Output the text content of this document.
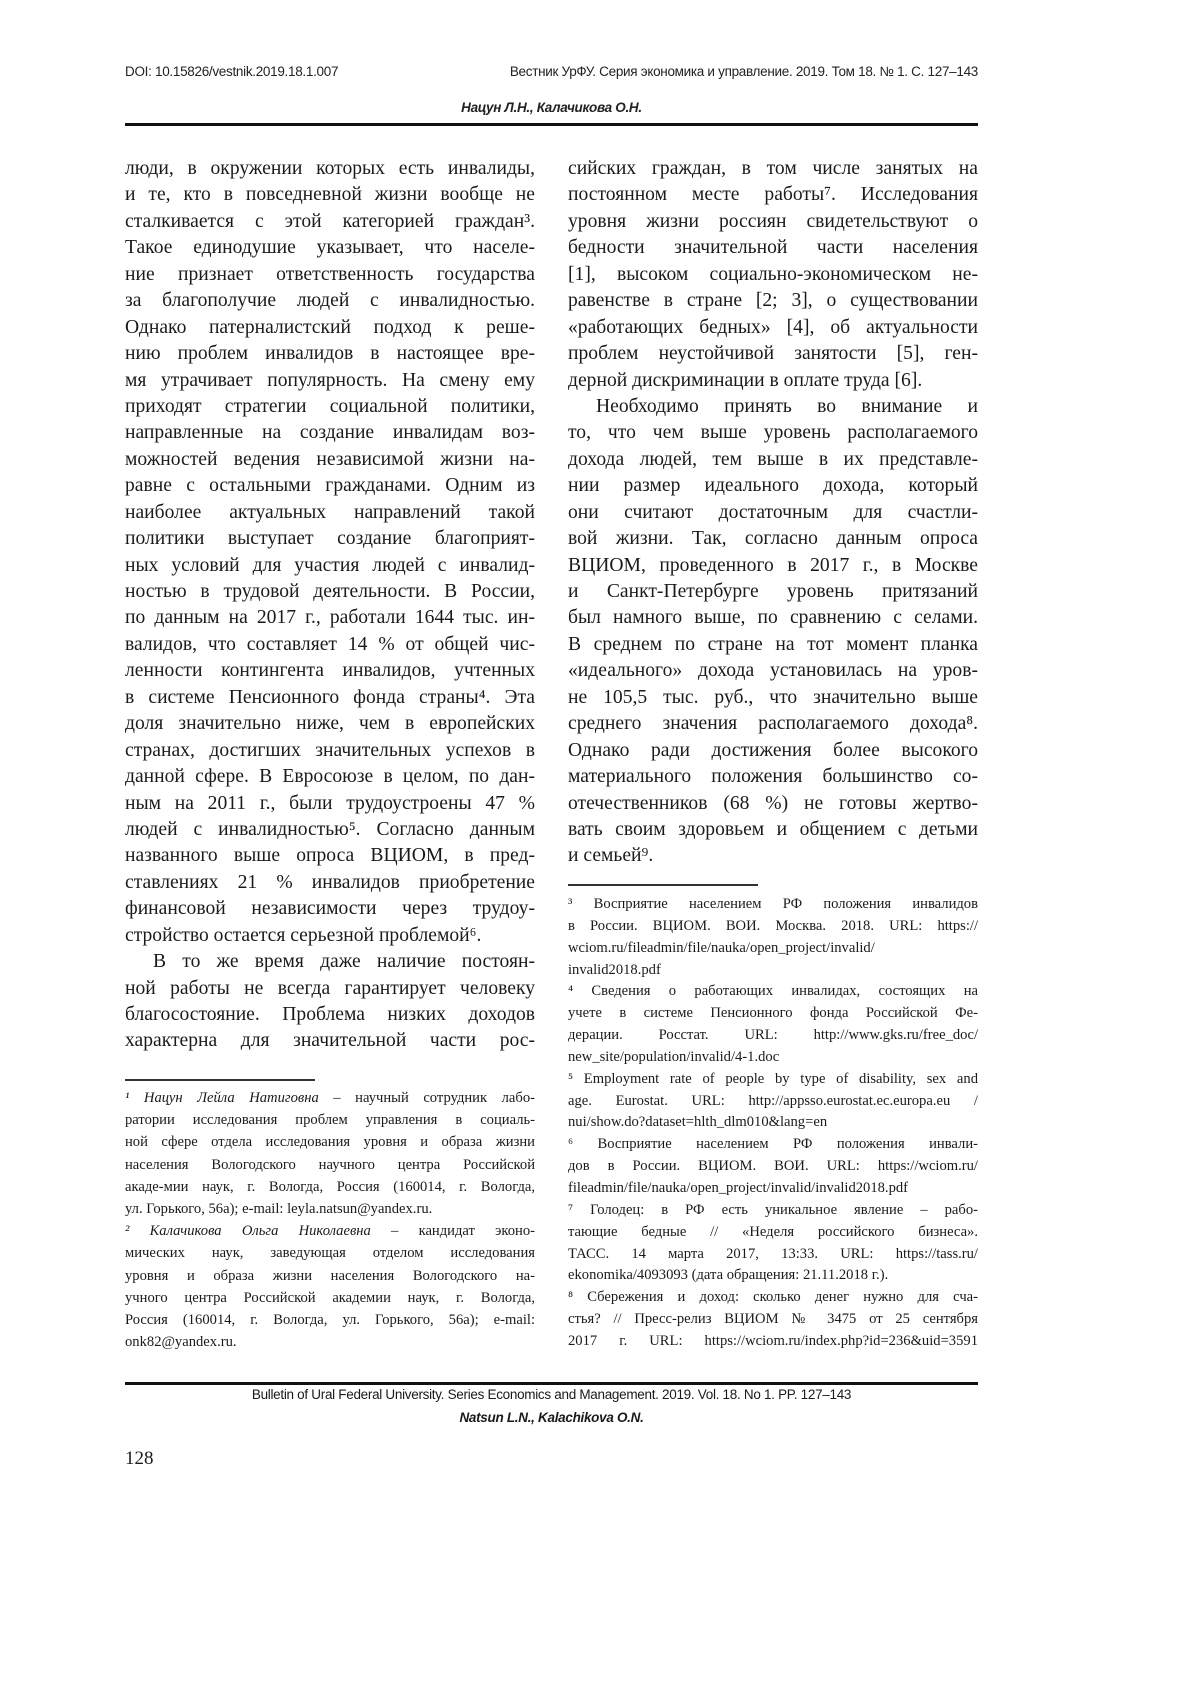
DOI: 10.15826/vestnik.2019.18.1.007	Вестник УрФУ. Серия экономика и управление. 2019. Том 18. № 1. С. 127–143
Нацун Л.Н., Калачикова О.Н.
люди, в окружении которых есть инвалиды,
и те, кто в повседневной жизни вообще не
сталкивается с этой категорией граждан³.
Такое единодушие указывает, что населе-
ние признает ответственность государства
за благополучие людей с инвалидностью.
Однако патерналистский подход к реше-
нию проблем инвалидов в настоящее вре-
мя утрачивает популярность. На смену ему
приходят стратегии социальной политики,
направленные на создание инвалидам воз-
можностей ведения независимой жизни на-
равне с остальными гражданами. Одним из
наиболее актуальных направлений такой
политики выступает создание благоприят-
ных условий для участия людей с инвалид-
ностью в трудовой деятельности. В России,
по данным на 2017 г., работали 1644 тыс. ин-
валидов, что составляет 14 % от общей чис-
ленности контингента инвалидов, учтенных
в системе Пенсионного фонда страны⁴. Эта
доля значительно ниже, чем в европейских
странах, достигших значительных успехов в
данной сфере. В Евросоюзе в целом, по дан-
ным на 2011 г., были трудоустроены 47 %
людей с инвалидностью⁵. Согласно данным
названного выше опроса ВЦИОМ, в пред-
ставлениях 21 % инвалидов приобретение
финансовой независимости через трудоу-
стройство остается серьезной проблемой⁶.
В то же время даже наличие постоян-
ной работы не всегда гарантирует человеку
благосостояние. Проблема низких доходов
характерна для значительной части рос-
сийских граждан, в том числе занятых на
постоянном месте работы⁷. Исследования
уровня жизни россиян свидетельствуют о
бедности значительной части населения
[1], высоком социально-экономическом не-
равенстве в стране [2; 3], о существовании
«работающих бедных» [4], об актуальности
проблем неустойчивой занятости [5], ген-
дерной дискриминации в оплате труда [6].
Необходимо принять во внимание и
то, что чем выше уровень располагаемого
дохода людей, тем выше в их представле-
нии размер идеального дохода, который
они считают достаточным для счастли-
вой жизни. Так, согласно данным опроса
ВЦИОМ, проведенного в 2017 г., в Москве
и Санкт-Петербурге уровень притязаний
был намного выше, по сравнению с селами.
В среднем по стране на тот момент планка
«идеального» дохода установилась на уров-
не 105,5 тыс. руб., что значительно выше
среднего значения располагаемого дохода⁸.
Однако ради достижения более высокого
материального положения большинство со-
отечественников (68 %) не готовы жертво-
вать своим здоровьем и общением с детьми
и семьей⁹.
¹ Нацун Лейла Натиговна – научный сотрудник лабо-
ратории исследования проблем управления в социаль-
ной сфере отдела исследования уровня и образа жизни
населения Вологодского научного центра Российской
акаде-мии наук, г. Вологда, Россия (160014, г. Вологда,
ул. Горького, 56а); e-mail: leyla.natsun@yandex.ru.
² Калачикова Ольга Николаевна – кандидат эконо-
мических наук, заведующая отделом исследования
уровня и образа жизни населения Вологодского на-
учного центра Российской академии наук, г. Вологда,
Россия (160014, г. Вологда, ул. Горького, 56а); e-mail:
onk82@yandex.ru.
³ Восприятие населением РФ положения инвалидов
в России. ВЦИОМ. ВОИ. Москва. 2018. URL: https://
wciom.ru/fileadmin/file/nauka/open_project/invalid/
invalid2018.pdf
⁴ Сведения о работающих инвалидах, состоящих на
учете в системе Пенсионного фонда Российской Фе-
дерации. Росстат. URL: http://www.gks.ru/free_doc/
new_site/population/invalid/4-1.doc
⁵ Employment rate of people by type of disability, sex and
age. Eurostat. URL: http://appsso.eurostat.ec.europa.eu /
nui/show.do?dataset=hlth_dlm010&lang=en
⁶ Восприятие населением РФ положения инвали-
дов в России. ВЦИОМ. ВОИ. URL: https://wciom.ru/
fileadmin/file/nauka/open_project/invalid/invalid2018.pdf
⁷ Голодец: в РФ есть уникальное явление – рабо-
тающие бедные // «Неделя российского бизнеса».
ТАСС. 14 марта 2017, 13:33. URL: https://tass.ru/
ekonomika/4093093 (дата обращения: 21.11.2018 г.).
⁸ Сбережения и доход: сколько денег нужно для сча-
стья? // Пресс-релиз ВЦИОМ № 3475 от 25 сентября
2017 г. URL: https://wciom.ru/index.php?id=236&uid=3591
Bulletin of Ural Federal University. Series Economics and Management. 2019. Vol. 18. No 1. PP. 127–143
Natsun L.N., Kalachikova O.N.
128
